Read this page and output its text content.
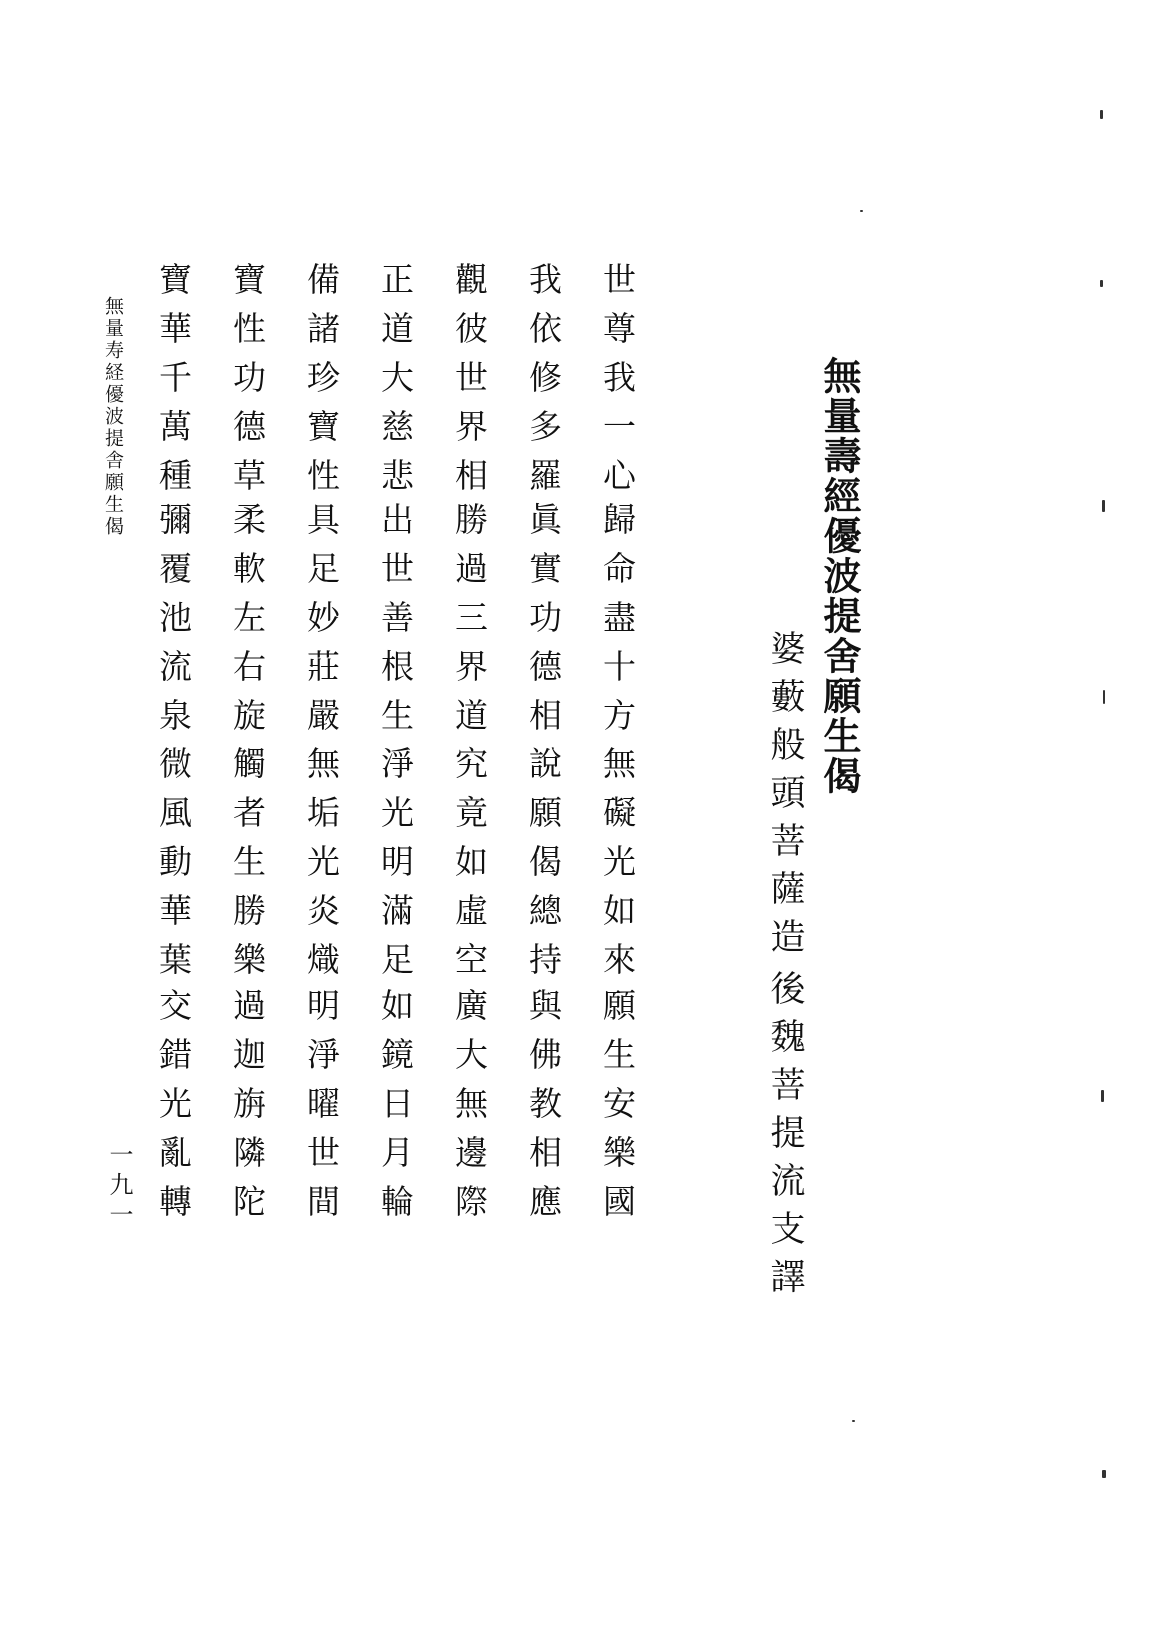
無量壽經優波提舍願生偈
婆藪般頭菩薩造
後魏菩提流支譯
世尊我一心
歸命盡十方
無礙光如來
願生安樂國
我依修多羅
眞實功德相
說願偈總持
與佛教相應
觀彼世界相
勝過三界道
究竟如虛空
廣大無邊際
正道大慈悲
出世善根生
淨光明滿足
如鏡日月輪
備諸珍寶性
具足妙莊嚴
無垢光炎熾
明淨曜世間
寶性功德草
柔軟左右旋
觸者生勝樂
過迦旃隣陀
寶華千萬種
彌覆池流泉
微風動華葉
交錯光亂轉
無量寿経優波提舎願生偈
一九一
